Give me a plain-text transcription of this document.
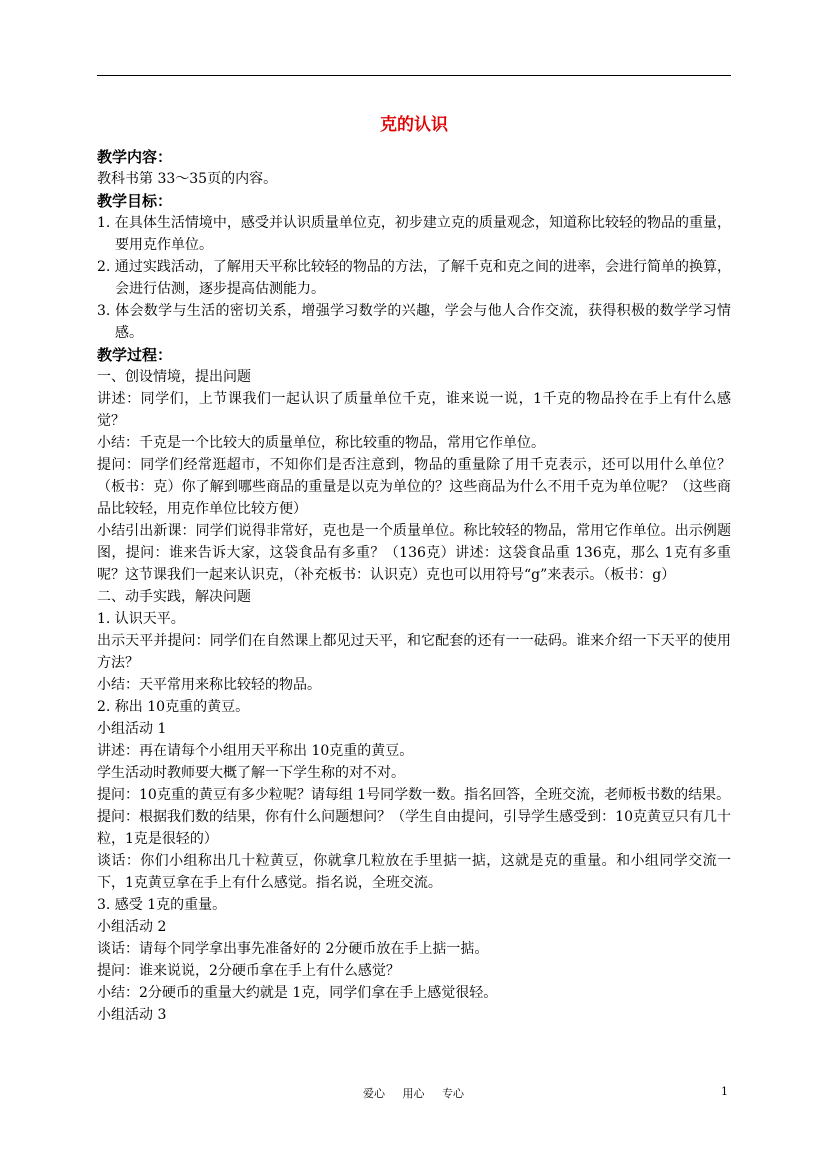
克的认识
教学内容：
教科书第 33～35页的内容。
教学目标：
1. 在具体生活情境中，感受并认识质量单位克，初步建立克的质量观念，知道称比较轻的物品的重量，要用克作单位。
2. 通过实践活动，了解用天平称比较轻的物品的方法，了解千克和克之间的进率，会进行简单的换算，会进行估测，逐步提高估测能力。
3. 体会数学与生活的密切关系，增强学习数学的兴趣，学会与他人合作交流，获得积极的数学学习情感。
教学过程：
一、创设情境，提出问题
讲述：同学们，上节课我们一起认识了质量单位千克，谁来说一说，1千克的物品拎在手上有什么感觉？
小结：千克是一个比较大的质量单位，称比较重的物品，常用它作单位。
提问：同学们经常逛超市，不知你们是否注意到，物品的重量除了用千克表示，还可以用什么单位？（板书：克）你了解到哪些商品的重量是以克为单位的？这些商品为什么不用千克为单位呢？（这些商品比较轻，用克作单位比较方便）
小结引出新课：同学们说得非常好，克也是一个质量单位。称比较轻的物品，常用它作单位。出示例题图，提问：谁来告诉大家，这袋食品有多重？（136克）讲述：这袋食品重 136克，那么 1克有多重呢？这节课我们一起来认识克，（补充板书：认识克）克也可以用符号“g”来表示。（板书：g）
二、动手实践，解决问题
1. 认识天平。
出示天平并提问：同学们在自然课上都见过天平，和它配套的还有一一砝码。谁来介绍一下天平的使用方法？
小结：天平常用来称比较轻的物品。
2. 称出 10克重的黄豆。
小组活动 1
讲述：再在请每个小组用天平称出 10克重的黄豆。
学生活动时教师要大概了解一下学生称的对不对。
提问：10克重的黄豆有多少粒呢？请每组 1号同学数一数。指名回答，全班交流，老师板书数的结果。
提问：根据我们数的结果，你有什么问题想问？（学生自由提问，引导学生感受到：10克黄豆只有几十粒，1克是很轻的）
谈话：你们小组称出几十粒黄豆，你就拿几粒放在手里掂一掂，这就是克的重量。和小组同学交流一下，1克黄豆拿在手上有什么感觉。指名说，全班交流。
3. 感受 1克的重量。
小组活动 2
谈话：请每个同学拿出事先准备好的 2分硬币放在手上掂一掂。
提问：谁来说说，2分硬币拿在手上有什么感觉？
小结：2分硬币的重量大约就是 1克，同学们拿在手上感觉很轻。
小组活动 3
爱心 用心 专心	1
